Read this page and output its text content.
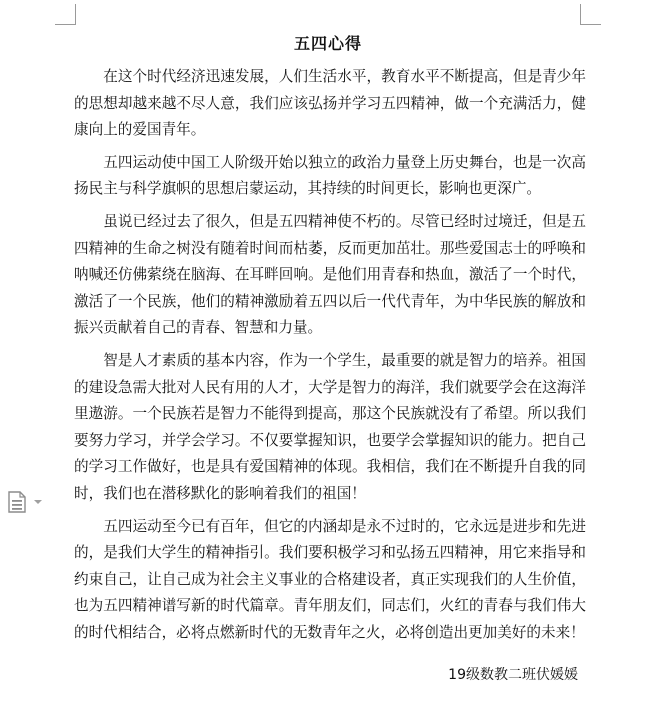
五四心得

在这个时代经济迅速发展，人们生活水平，教育水平不断提高，但是青少年的思想却越来越不尽人意，我们应该弘扬并学习五四精神，做一个充满活力，健康向上的爱国青年。

五四运动使中国工人阶级开始以独立的政治力量登上历史舞台，也是一次高扬民主与科学旗帜的思想启蒙运动，其持续的时间更长，影响也更深广。

虽说已经过去了很久，但是五四精神使不朽的。尽管已经时过境迁，但是五四精神的生命之树没有随着时间而枯萎，反而更加茁壮。那些爱国志士的呼唤和呐喊还仿佛萦绕在脑海、在耳畔回响。是他们用青春和热血，激活了一个时代，激活了一个民族，他们的精神激励着五四以后一代代青年，为中华民族的解放和振兴贡献着自己的青春、智慧和力量。

智是人才素质的基本内容，作为一个学生，最重要的就是智力的培养。祖国的建设急需大批对人民有用的人才，大学是智力的海洋，我们就要学会在这海洋里遨游。一个民族若是智力不能得到提高，那这个民族就没有了希望。所以我们要努力学习，并学会学习。不仅要掌握知识，也要学会掌握知识的能力。把自己的学习工作做好，也是具有爱国精神的体现。我相信，我们在不断提升自我的同时，我们也在潜移默化的影响着我们的祖国！

五四运动至今已有百年，但它的内涵却是永不过时的，它永远是进步和先进的，是我们大学生的精神指引。我们要积极学习和弘扬五四精神，用它来指导和约束自己，让自己成为社会主义事业的合格建设者，真正实现我们的人生价值，也为五四精神谱写新的时代篇章。青年朋友们，同志们，火红的青春与我们伟大的时代相结合，必将点燃新时代的无数青年之火，必将创造出更加美好的未来！

19级数教二班伏媛媛
